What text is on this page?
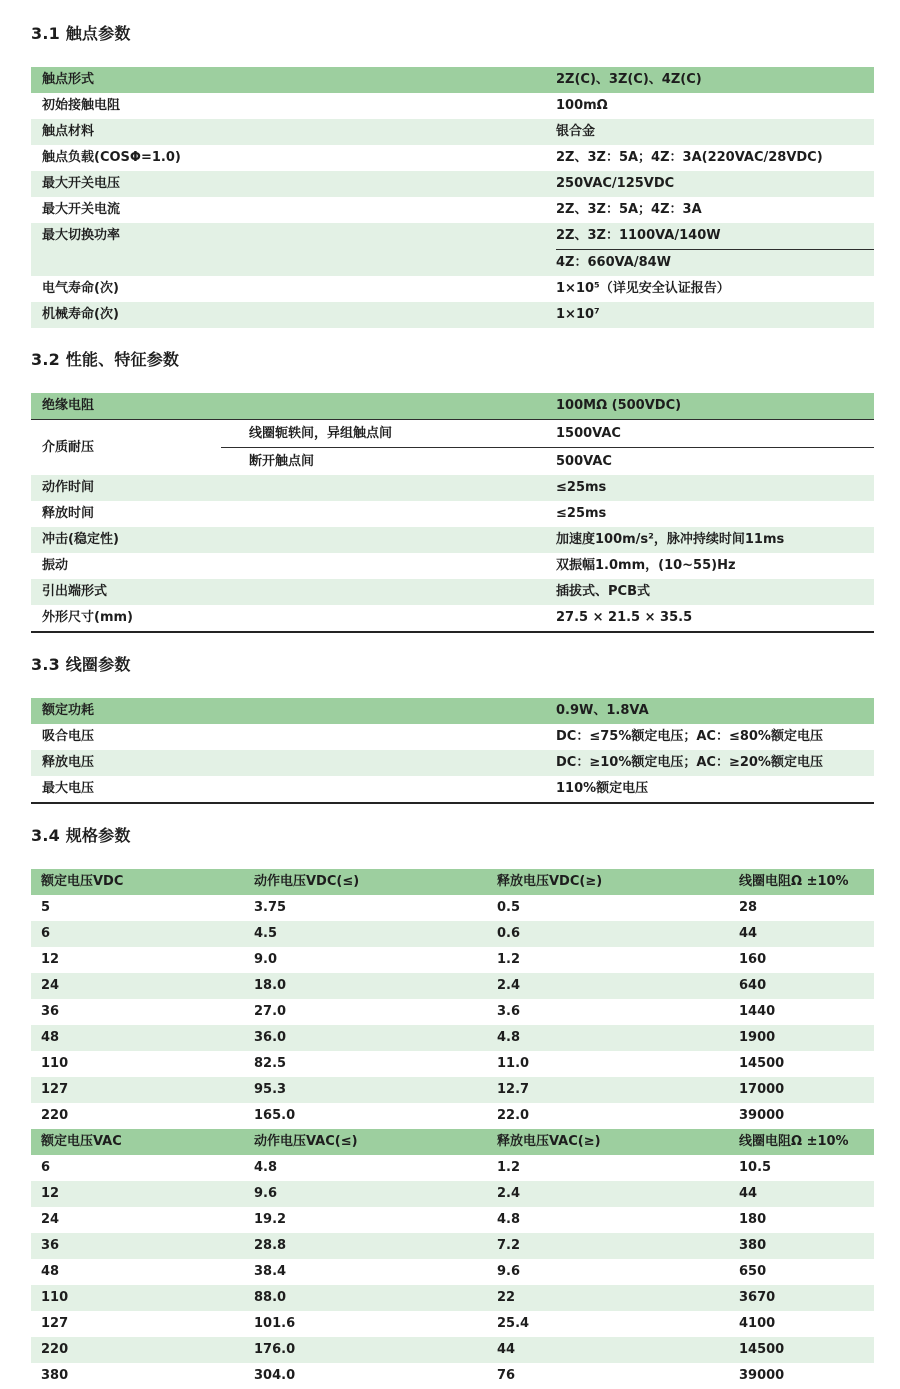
3.1 触点参数
触点形式	2Z(C)、3Z(C)、4Z(C)
初始接触电阻	100mΩ
触点材料	银合金
触点负载(COSΦ=1.0)	2Z、3Z：5A；4Z：3A(220VAC/28VDC)
最大开关电压	250VAC/125VDC
最大开关电流	2Z、3Z：5A；4Z：3A
最大切换功率	2Z、3Z：1100VA/140W
4Z：660VA/84W
电气寿命(次)	1×10⁵（详见安全认证报告）
机械寿命(次)	1×10⁷
3.2 性能、特征参数
绝缘电阻	100MΩ (500VDC)
介质耐压
线圈轭轶间，异组触点间	1500VAC
断开触点间	500VAC
动作时间	≤25ms
释放时间	≤25ms
冲击(稳定性)	加速度100m/s²，脉冲持续时间11ms
振动	双振幅1.0mm，(10~55)Hz
引出端形式	插拔式、PCB式
外形尺寸(mm)	27.5 × 21.5 × 35.5
3.3 线圈参数
额定功耗	0.9W、1.8VA
吸合电压	DC：≤75%额定电压；AC：≤80%额定电压
释放电压	DC：≥10%额定电压；AC：≥20%额定电压
最大电压	110%额定电压
3.4 规格参数
额定电压VDC	动作电压VDC(≤)	释放电压VDC(≥)	线圈电阻Ω ±10%
5	3.75	0.5	28
6	4.5	0.6	44
12	9.0	1.2	160
24	18.0	2.4	640
36	27.0	3.6	1440
48	36.0	4.8	1900
110	82.5	11.0	14500
127	95.3	12.7	17000
220	165.0	22.0	39000
额定电压VAC	动作电压VAC(≤)	释放电压VAC(≥)	线圈电阻Ω ±10%
6	4.8	1.2	10.5
12	9.6	2.4	44
24	19.2	4.8	180
36	28.8	7.2	380
48	38.4	9.6	650
110	88.0	22	3670
127	101.6	25.4	4100
220	176.0	44	14500
380	304.0	76	39000
